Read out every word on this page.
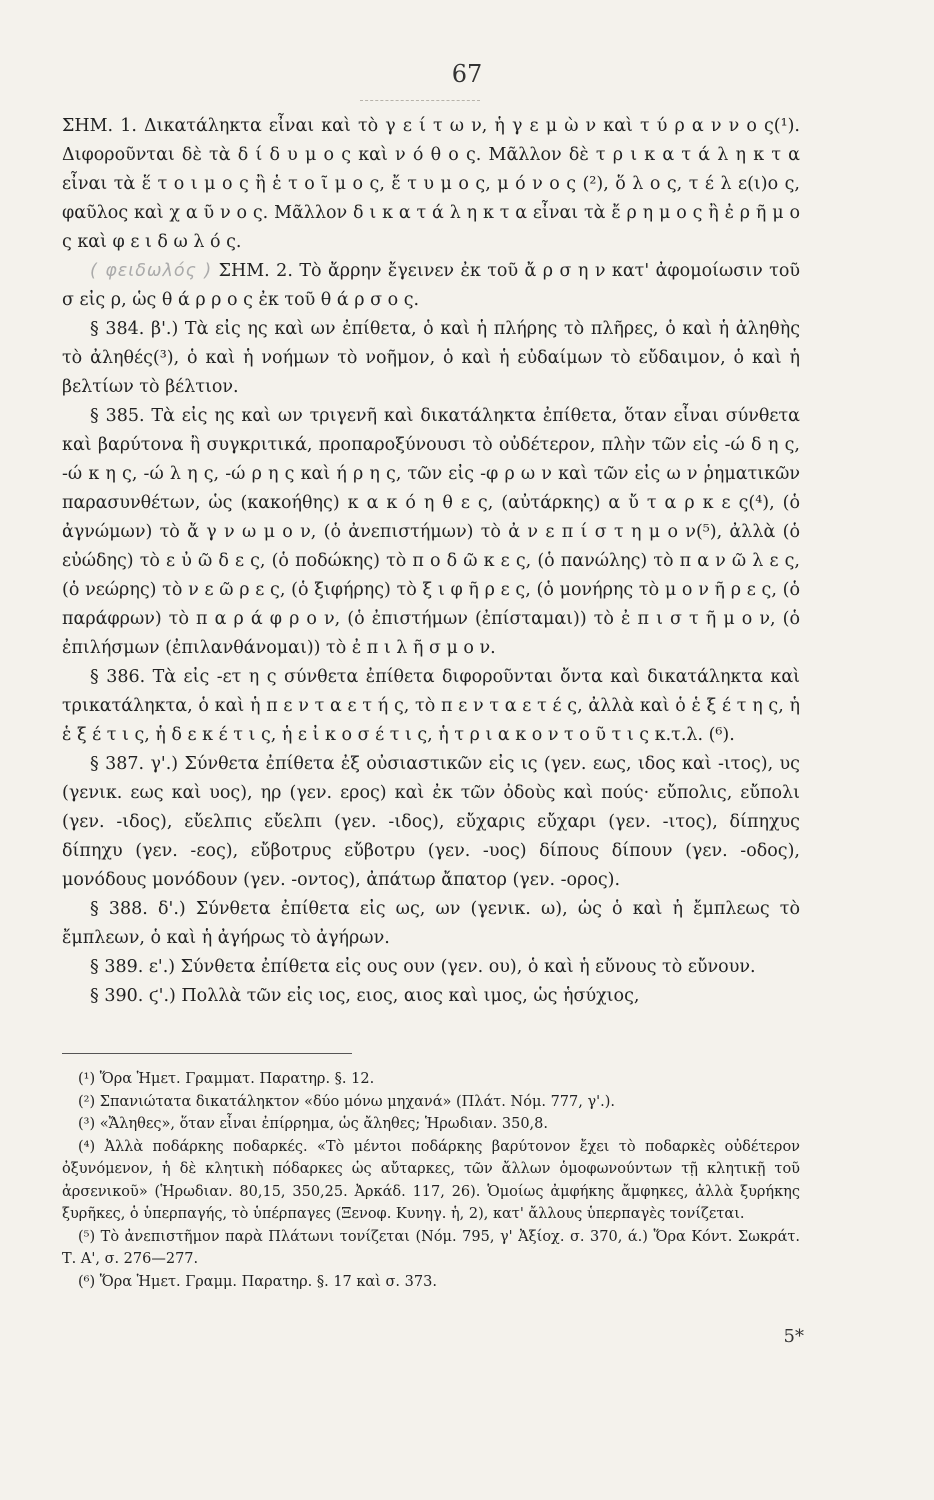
67

ΣΗΜ. 1. Δικατάληκτα εἶναι καὶ τὸ γ ε ί τ ω ν, ἡ γ ε μ ὼ ν καὶ τ ύ ρ α ν ν ο ς(¹). Διφοροῦνται δὲ τὰ δ ί δ υ μ ο ς καὶ ν ό θ ο ς. Μᾶλλον δὲ τ ρ ι κ α τ ά λ η κ τ α εἶναι τὰ ἕ τ ο ι μ ο ς ἢ ἑ τ ο ῖ μ ο ς, ἔ τ υ μ ο ς, μ ό ν ο ς (²), ὅ λ ο ς, τ έ λ ε(ι)ο ς, φαῦλος καὶ χ α ῦ ν ο ς. Μᾶλλον δ ι κ α τ ά λ η κ τ α εἶναι τὰ ἔ ρ η μ ο ς ἢ ἐ ρ ῆ μ ο ς καὶ φ ε ι δ ω λ ό ς.

( φειδωλός ) ΣΗΜ. 2. Τὸ ἄρρην ἔγεινεν ἐκ τοῦ ἄ ρ σ η ν κατ' ἀφομοίωσιν τοῦ σ εἰς ρ, ὡς θ ά ρ ρ ο ς ἐκ τοῦ θ ά ρ σ ο ς.

§ 384. β'.) Τὰ εἰς ης καὶ ων ἐπίθετα, ὁ καὶ ἡ πλήρης τὸ πλῆρες, ὁ καὶ ἡ ἀληθὴς τὸ ἀληθές(³), ὁ καὶ ἡ νοήμων τὸ νοῆμον, ὁ καὶ ἡ εὐδαίμων τὸ εὔδαιμον, ὁ καὶ ἡ βελτίων τὸ βέλτιον.

§ 385. Τὰ εἰς ης καὶ ων τριγενῆ καὶ δικατάληκτα ἐπίθετα, ὅταν εἶναι σύνθετα καὶ βαρύτονα ἢ συγκριτικά, προπαροξύνουσι τὸ οὐδέτερον, πλὴν τῶν εἰς -ώ δ η ς, -ώ κ η ς, -ώ λ η ς, -ώ ρ η ς καὶ ή ρ η ς, τῶν εἰς -φ ρ ω ν καὶ τῶν εἰς ω ν ῥηματικῶν παρασυνθέτων, ὡς (κακοήθης) κ α κ ό η θ ε ς, (αὐτάρκης) α ὔ τ α ρ κ ε ς(⁴), (ὁ ἀγνώμων) τὸ ἄ γ ν ω μ ο ν, (ὁ ἀνεπιστήμων) τὸ ἀ ν ε π ί σ τ η μ ο ν(⁵), ἀλλὰ (ὁ εὐώδης) τὸ ε ὐ ῶ δ ε ς, (ὁ ποδώκης) τὸ π ο δ ῶ κ ε ς, (ὁ πανώλης) τὸ π α ν ῶ λ ε ς, (ὁ νεώρης) τὸ ν ε ῶ ρ ε ς, (ὁ ξιφήρης) τὸ ξ ι φ ῆ ρ ε ς, (ὁ μονήρης τὸ μ ο ν ῆ ρ ε ς, (ὁ παράφρων) τὸ π α ρ ά φ ρ ο ν, (ὁ ἐπιστήμων (ἐπίσταμαι)) τὸ ἐ π ι σ τ ῆ μ ο ν, (ὁ ἐπιλήσμων (ἐπιλανθάνομαι)) τὸ ἐ π ι λ ῆ σ μ ο ν.

§ 386. Τὰ εἰς -ετ η ς σύνθετα ἐπίθετα διφοροῦνται ὄντα καὶ δικατάληκτα καὶ τρικατάληκτα, ὁ καὶ ἡ π ε ν τ α ε τ ή ς, τὸ π ε ν τ α ε τ έ ς, ἀλλὰ καὶ ὁ ἑ ξ έ τ η ς, ἡ ἑ ξ έ τ ι ς, ἡ δ ε κ έ τ ι ς, ἡ ε ἰ κ ο σ έ τ ι ς, ἡ τ ρ ι α κ ο ν τ ο ῦ τ ι ς κ.τ.λ. (⁶).

§ 387. γ'.) Σύνθετα ἐπίθετα ἐξ οὐσιαστικῶν εἰς ις (γεν. εως, ιδος καὶ -ιτος), υς (γενικ. εως καὶ υος), ηρ (γεν. ερος) καὶ ἐκ τῶν ὀδοὺς καὶ πούς· εὔπολις, εὔπολι (γεν. -ιδος), εὔελπις εὔελπι (γεν. -ιδος), εὔχαρις εὔχαρι (γεν. -ιτος), δίπηχυς δίπηχυ (γεν. -εος), εὔβοτρυς εὔβοτρυ (γεν. -υος) δίπους δίπουν (γεν. -οδος), μονόδους μονόδουν (γεν. -οντος), ἀπάτωρ ἄπατορ (γεν. -ορος).

§ 388. δ'.) Σύνθετα ἐπίθετα εἰς ως, ων (γενικ. ω), ὡς ὁ καὶ ἡ ἔμπλεως τὸ ἔμπλεων, ὁ καὶ ἡ ἀγήρως τὸ ἀγήρων.

§ 389. ε'.) Σύνθετα ἐπίθετα εἰς ους ουν (γεν. ου), ὁ καὶ ἡ εὔνους τὸ εὔνουν.

§ 390. ϛ'.) Πολλὰ τῶν εἰς ιος, ειος, αιος καὶ ιμος, ὡς ἡσύχιος,

(¹) Ὅρα Ἡμετ. Γραμματ. Παρατηρ. §. 12.

(²) Σπανιώτατα δικατάληκτον «δύο μόνω μηχανά» (Πλάτ. Νόμ. 777, γ'.).

(³) «Ἄληθες», ὅταν εἶναι ἐπίρρημα, ὡς ἄληθες; Ἡρωδιαν. 350,8.

(⁴) Ἀλλὰ ποδάρκης ποδαρκές. «Τὸ μέντοι ποδάρκης βαρύτονον ἔχει τὸ ποδαρκὲς οὐδέτερον ὀξυνόμενον, ἡ δὲ κλητικὴ πόδαρκες ὡς αὔταρκες, τῶν ἄλλων ὁμοφωνούντων τῇ κλητικῇ τοῦ ἀρσενικοῦ» (Ἡρωδιαν. 80,15, 350,25. Ἀρκάδ. 117, 26). Ὁμοίως ἀμφήκης ἄμφηκες, ἀλλὰ ξυρήκης ξυρῆκες, ὁ ὑπερπαγής, τὸ ὑπέρπαγες (Ξενοφ. Κυνηγ. ἡ, 2), κατ' ἄλλους ὑπερπαγὲς τονίζεται.

(⁵) Τὸ ἀνεπιστῆμον παρὰ Πλάτωνι τονίζεται (Νόμ. 795, γ' Ἀξίοχ. σ. 370, ά.) Ὅρα Κόντ. Σωκράτ. Τ. Α', σ. 276—277.

(⁶) Ὅρα Ἡμετ. Γραμμ. Παρατηρ. §. 17 καὶ σ. 373.

5*
